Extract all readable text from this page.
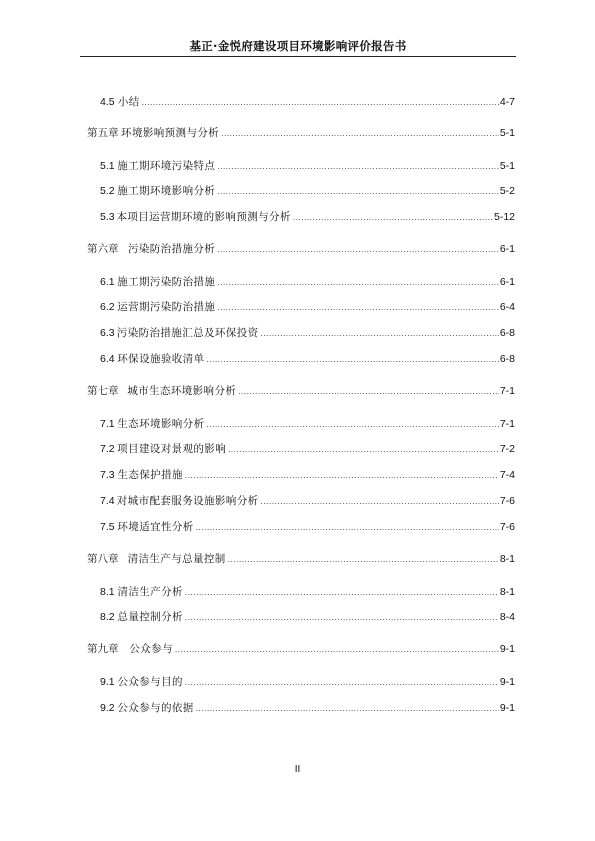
基正·金悦府建设项目环境影响评价报告书
4.5 小结 .....	4-7
第五章 环境影响预测与分析 .....	5-1
5.1 施工期环境污染特点 .....	5-1
5.2 施工期环境影响分析 .....	5-2
5.3 本项目运营期环境的影响预测与分析 .....	5-12
第六章 污染防治措施分析 .....	6-1
6.1 施工期污染防治措施 .....	6-1
6.2 运营期污染防治措施 .....	6-4
6.3 污染防治措施汇总及环保投资 .....	6-8
6.4 环保设施验收清单 .....	6-8
第七章 城市生态环境影响分析 .....	7-1
7.1 生态环境影响分析 .....	7-1
7.2 项目建设对景观的影响 .....	7-2
7.3 生态保护措施 .....	7-4
7.4 对城市配套服务设施影响分析 .....	7-6
7.5 环境适宜性分析 .....	7-6
第八章 清洁生产与总量控制 .....	8-1
8.1 清洁生产分析 .....	8-1
8.2 总量控制分析 .....	8-4
第九章 公众参与 .....	9-1
9.1 公众参与目的 .....	9-1
9.2 公众参与的依据 .....	9-1
II
